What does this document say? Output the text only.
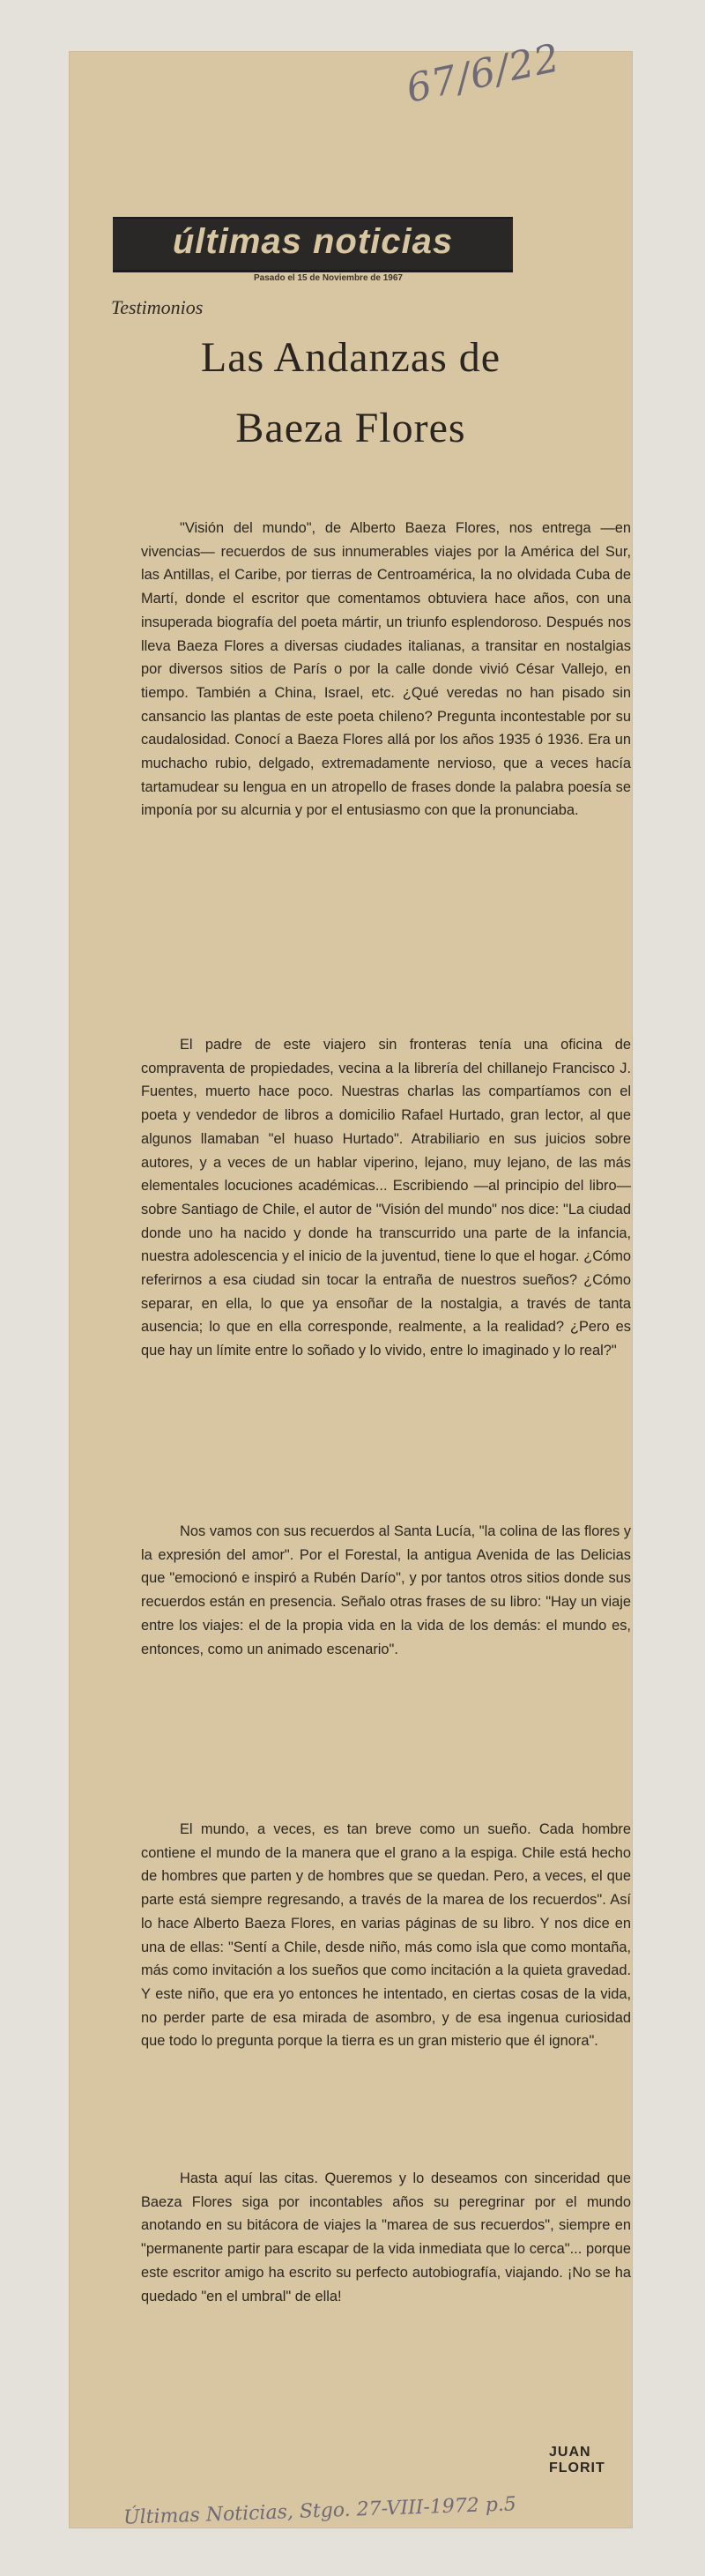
67/6/22
últimas noticias
Pasado el 15 de Noviembre de 1967
Testimonios
Las Andanzas de
Baeza Flores

"Visión del mundo", de Alberto Baeza Flores, nos entrega —en vivencias— recuerdos de sus innumerables viajes por la América del Sur, las Antillas, el Caribe, por tierras de Centroamérica, la no olvidada Cuba de Martí, donde el escritor que comentamos obtuviera hace años, con una insuperada biografía del poeta mártir, un triunfo esplendoroso. Después nos lleva Baeza Flores a diversas ciudades italianas, a transitar en nostalgias por diversos sitios de París o por la calle donde vivió César Vallejo, en tiempo. También a China, Israel, etc. ¿Qué veredas no han pisado sin cansancio las plantas de este poeta chileno? Pregunta incontestable por su caudalosidad. Conocí a Baeza Flores allá por los años 1935 ó 1936. Era un muchacho rubio, delgado, extremadamente nervioso, que a veces hacía tartamudear su lengua en un atropello de frases donde la palabra poesía se imponía por su alcurnia y por el entusiasmo con que la pronunciaba.

El padre de este viajero sin fronteras tenía una oficina de compraventa de propiedades, vecina a la librería del chillanejo Francisco J. Fuentes, muerto hace poco. Nuestras charlas las compartíamos con el poeta y vendedor de libros a domicilio Rafael Hurtado, gran lector, al que algunos llamaban "el huaso Hurtado". Atrabiliario en sus juicios sobre autores, y a veces de un hablar viperino, lejano, muy lejano, de las más elementales locuciones académicas... Escribiendo —al principio del libro— sobre Santiago de Chile, el autor de "Visión del mundo" nos dice: "La ciudad donde uno ha nacido y donde ha transcurrido una parte de la infancia, nuestra adolescencia y el inicio de la juventud, tiene lo que el hogar. ¿Cómo referirnos a esa ciudad sin tocar la entraña de nuestros sueños? ¿Cómo separar, en ella, lo que ya ensoñar de la nostalgia, a través de tanta ausencia; lo que en ella corresponde, realmente, a la realidad? ¿Pero es que hay un límite entre lo soñado y lo vivido, entre lo imaginado y lo real?"

Nos vamos con sus recuerdos al Santa Lucía, "la colina de las flores y la expresión del amor". Por el Forestal, la antigua Avenida de las Delicias que "emocionó e inspiró a Rubén Darío", y por tantos otros sitios donde sus recuerdos están en presencia. Señalo otras frases de su libro: "Hay un viaje entre los viajes: el de la propia vida en la vida de los demás: el mundo es, entonces, como un animado escenario".

El mundo, a veces, es tan breve como un sueño. Cada hombre contiene el mundo de la manera que el grano a la espiga. Chile está hecho de hombres que parten y de hombres que se quedan. Pero, a veces, el que parte está siempre regresando, a través de la marea de los recuerdos". Así lo hace Alberto Baeza Flores, en varias páginas de su libro. Y nos dice en una de ellas: "Sentí a Chile, desde niño, más como isla que como montaña, más como invitación a los sueños que como incitación a la quieta gravedad. Y este niño, que era yo entonces he intentado, en ciertas cosas de la vida, no perder parte de esa mirada de asombro, y de esa ingenua curiosidad que todo lo pregunta porque la tierra es un gran misterio que él ignora".

Hasta aquí las citas. Queremos y lo deseamos con sinceridad que Baeza Flores siga por incontables años su peregrinar por el mundo anotando en su bitácora de viajes la "marea de sus recuerdos", siempre en "permanente partir para escapar de la vida inmediata que lo cerca"... porque este escritor amigo ha escrito su perfecto autobiografía, viajando. ¡No se ha quedado "en el umbral" de ella!

JUAN FLORIT
Últimas Noticias, Stgo. 27-VIII-1972 p.5
